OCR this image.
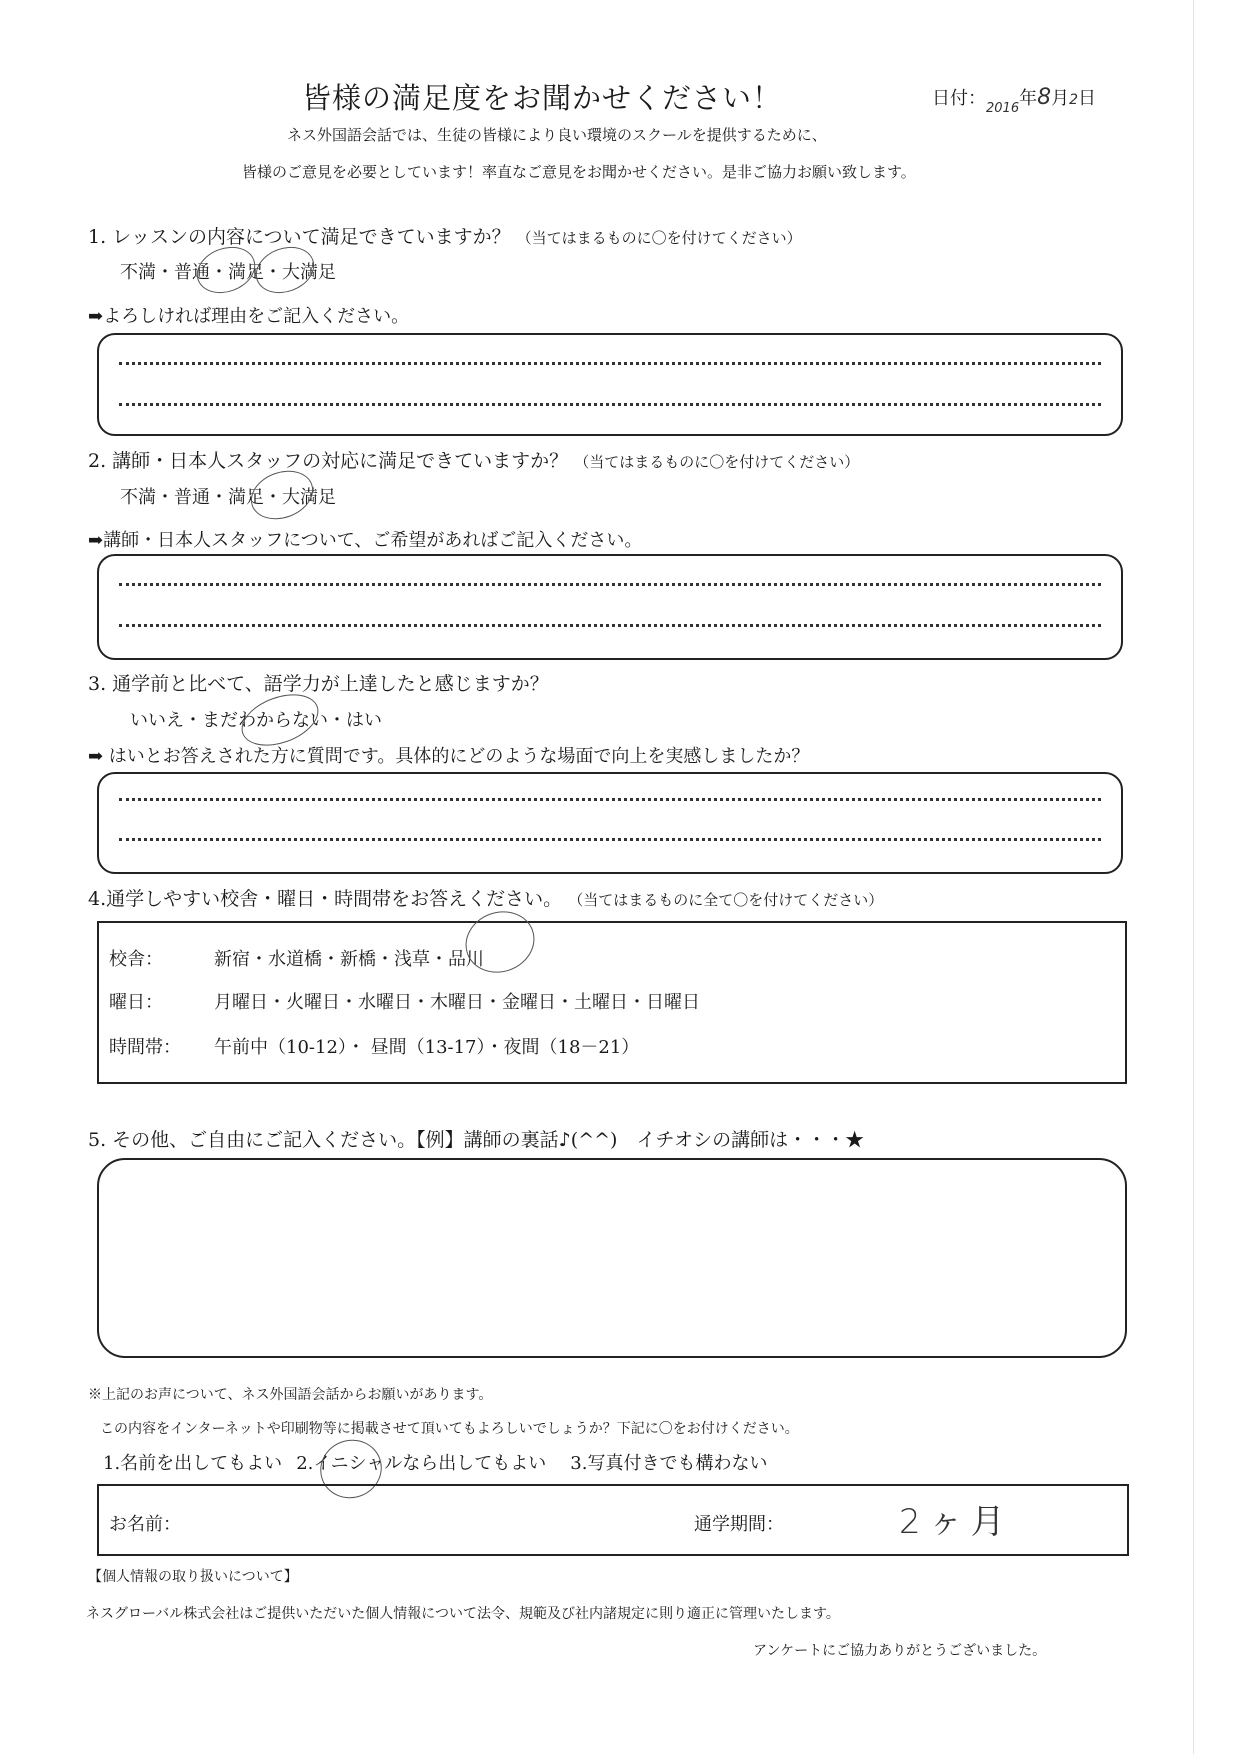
皆様の満足度をお聞かせください！	日付：$_{2016}$年8月2日
ネス外国語会話では、生徒の皆様により良い環境のスクールを提供するために、
皆様のご意見を必要としています！率直なご意見をお聞かせください。是非ご協力お願い致します。
1. レッスンの内容について満足できていますか？ （当てはまるものに〇を付けてください）
不満・普通・満足・大満足
➡よろしければ理由をご記入ください。
2. 講師・日本人スタッフの対応に満足できていますか？ （当てはまるものに〇を付けてください）
不満・普通・満足・大満足
➡講師・日本人スタッフについて、ご希望があればご記入ください。
3. 通学前と比べて、語学力が上達したと感じますか？
いいえ・まだわからない・はい
➡ はいとお答えされた方に質問です。具体的にどのような場面で向上を実感しましたか？
4.通学しやすい校舎・曜日・時間帯をお答えください。 （当てはまるものに全て〇を付けてください）
校舎：	新宿・水道橋・新橋・浅草・品川
曜日：	月曜日・火曜日・水曜日・木曜日・金曜日・土曜日・日曜日
時間帯： 午前中（10-12）・ 昼間（13-17）・夜間（18－21）
5. その他、ご自由にご記入ください。【例】講師の裏話♪(^^)　イチオシの講師は・・・★
※上記のお声について、ネス外国語会話からお願いがあります。
この内容をインターネットや印刷物等に掲載させて頂いてもよろしいでしょうか？下記に〇をお付けください。
1.名前を出してもよい 2.イニシャルなら出してもよい 3.写真付きでも構わない
お名前：	通学期間：	2ヶ月
【個人情報の取り扱いについて】
ネスグローバル株式会社はご提供いただいた個人情報について法令、規範及び社内諸規定に則り適正に管理いたします。
アンケートにご協力ありがとうございました。
